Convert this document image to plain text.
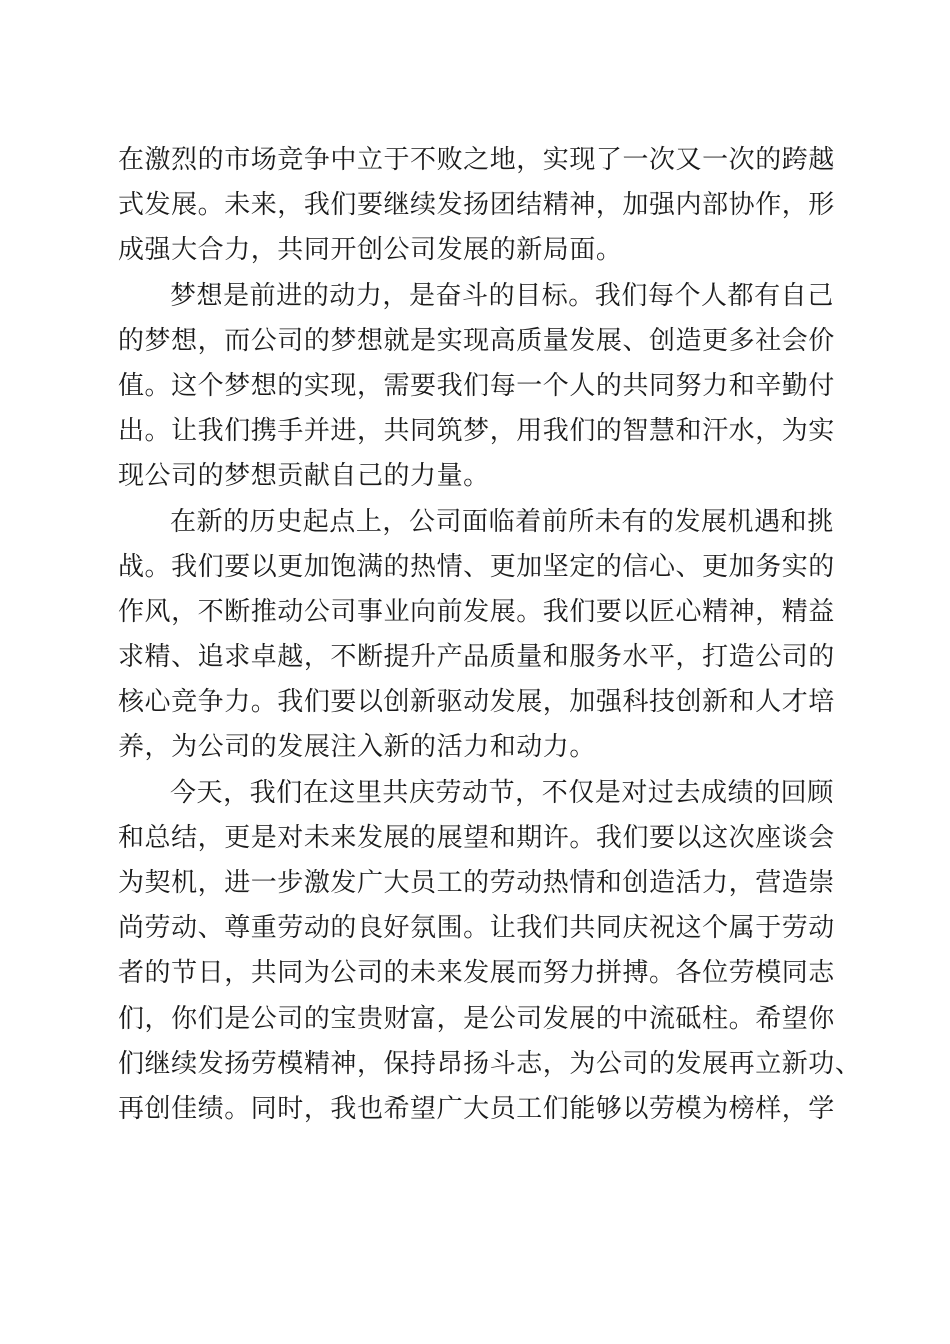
在激烈的市场竞争中立于不败之地，实现了一次又一次的跨越
式发展。未来，我们要继续发扬团结精神，加强内部协作，形
成强大合力，共同开创公司发展的新局面。
梦想是前进的动力，是奋斗的目标。我们每个人都有自己
的梦想，而公司的梦想就是实现高质量发展、创造更多社会价
值。这个梦想的实现，需要我们每一个人的共同努力和辛勤付
出。让我们携手并进，共同筑梦，用我们的智慧和汗水，为实
现公司的梦想贡献自己的力量。
在新的历史起点上，公司面临着前所未有的发展机遇和挑
战。我们要以更加饱满的热情、更加坚定的信心、更加务实的
作风，不断推动公司事业向前发展。我们要以匠心精神，精益
求精、追求卓越，不断提升产品质量和服务水平，打造公司的
核心竞争力。我们要以创新驱动发展，加强科技创新和人才培
养，为公司的发展注入新的活力和动力。
今天，我们在这里共庆劳动节，不仅是对过去成绩的回顾
和总结，更是对未来发展的展望和期许。我们要以这次座谈会
为契机，进一步激发广大员工的劳动热情和创造活力，营造崇
尚劳动、尊重劳动的良好氛围。让我们共同庆祝这个属于劳动
者的节日，共同为公司的未来发展而努力拼搏。各位劳模同志
们，你们是公司的宝贵财富，是公司发展的中流砥柱。希望你
们继续发扬劳模精神，保持昂扬斗志，为公司的发展再立新功、
再创佳绩。同时，我也希望广大员工们能够以劳模为榜样，学
